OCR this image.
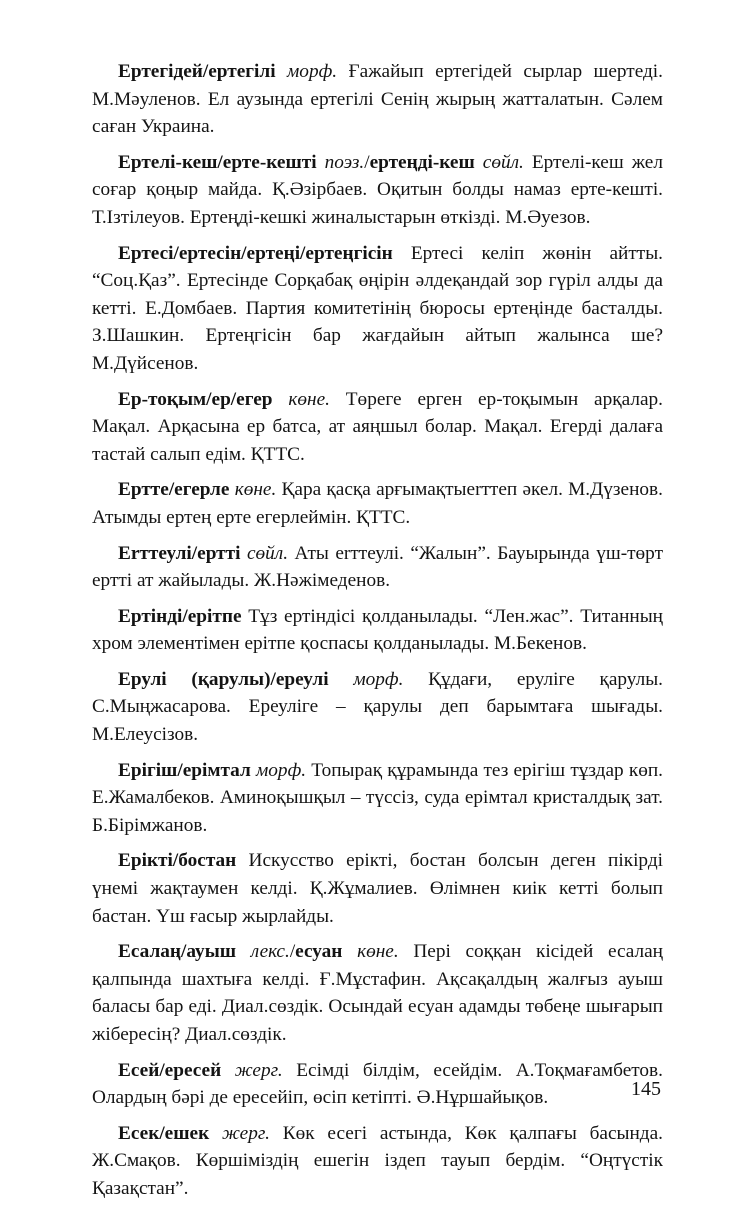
Ертегідей/ертегілі морф. Ғажайып ертегідей сырлар шертеді. М.Мәуленов. Ел аузында ертегілі Сенің жырың жатталатын. Сәлем саған Украина.

Ертелі-кеш/ерте-кешті поэз./ертеңді-кеш сөйл. Ертелі-кеш жел соғар қоңыр майда. Қ.Әзірбаев. Оқитын болды намаз ерте-кешті. Т.Ізтілеуов. Ертеңді-кешкі жиналыстарын өткізді. М.Әуезов.

Ертесі/ертесін/ертеңі/ертеңгісін Ертесі келіп жөнін айтты. “Соц.Қаз”. Ертесінде Сорқабақ өңірін әлдеқандай зор гүріл алды да кетті. Е.Домбаев. Партия комитетінің бюросы ертеңінде басталды. З.Шашкин. Ертеңгісін бар жағдайын айтып жалынса ше? М.Дүйсенов.

Ер-тоқым/ер/егер көне. Төреге ерген ер-тоқымын арқалар. Мақал. Арқасына ер батса, ат аяңшыл болар. Мақал. Егерді далаға тастай салып едім. ҚТТС.

Ертте/егерле көне. Қара қасқа арғымақтыerттеп әкел. М.Дүзенов. Атымды ертең ерте егерлеймін. ҚТТС.

Erттеулі/ертті сөйл. Аты erттеулі. “Жалын”. Бауырында үш-төрт ертті ат жайылады. Ж.Нәжімеденов.

Ертінді/ерітпе Тұз ертіндісі қолданылады. “Лен.жас”. Титанның хром элементімен ерітпе қоспасы қолданылады. М.Бекенов.

Ерулі (қарулы)/ереулі морф. Құдағи, еруліге қарулы. С.Мыңжасарова. Ереуліге – қарулы деп барымтаға шығады. М.Елеусізов.

Ерігіш/ерімтал морф. Топырақ құрамында тез ерігіш тұздар көп. Е.Жамалбеков. Аминоқышқыл – түссіз, суда ерімтал кристалдық зат. Б.Бірімжанов.

Ерікті/бостан Искусство ерікті, бостан болсын деген пікірді үнемі жақтаумен келді. Қ.Жұмалиев. Өлімнен киік кетті болып бастан. Үш ғасыр жырлайды.

Есалаң/ауыш лекс./есуан көне. Пері соққан кісідей есалаң қалпында шахтыға келді. Ғ.Мұстафин. Ақсақалдың жалғыз ауыш баласы бар еді. Диал.сөздік. Осындай есуан адамды төбеңе шығарып жібересің? Диал.сөздік.

Есей/ересей жерг. Есімді білдім, есейдім. А.Тоқмағамбетов. Олардың бәрі де ересейіп, өсіп кетіпті. Ә.Нұршайықов.

Есек/ешек жерг. Көк есегі астында, Көк қалпағы басында. Ж.Смақов. Көршіміздің ешегін іздеп тауып бердім. “Оңтүстік Қазақстан”.

145
